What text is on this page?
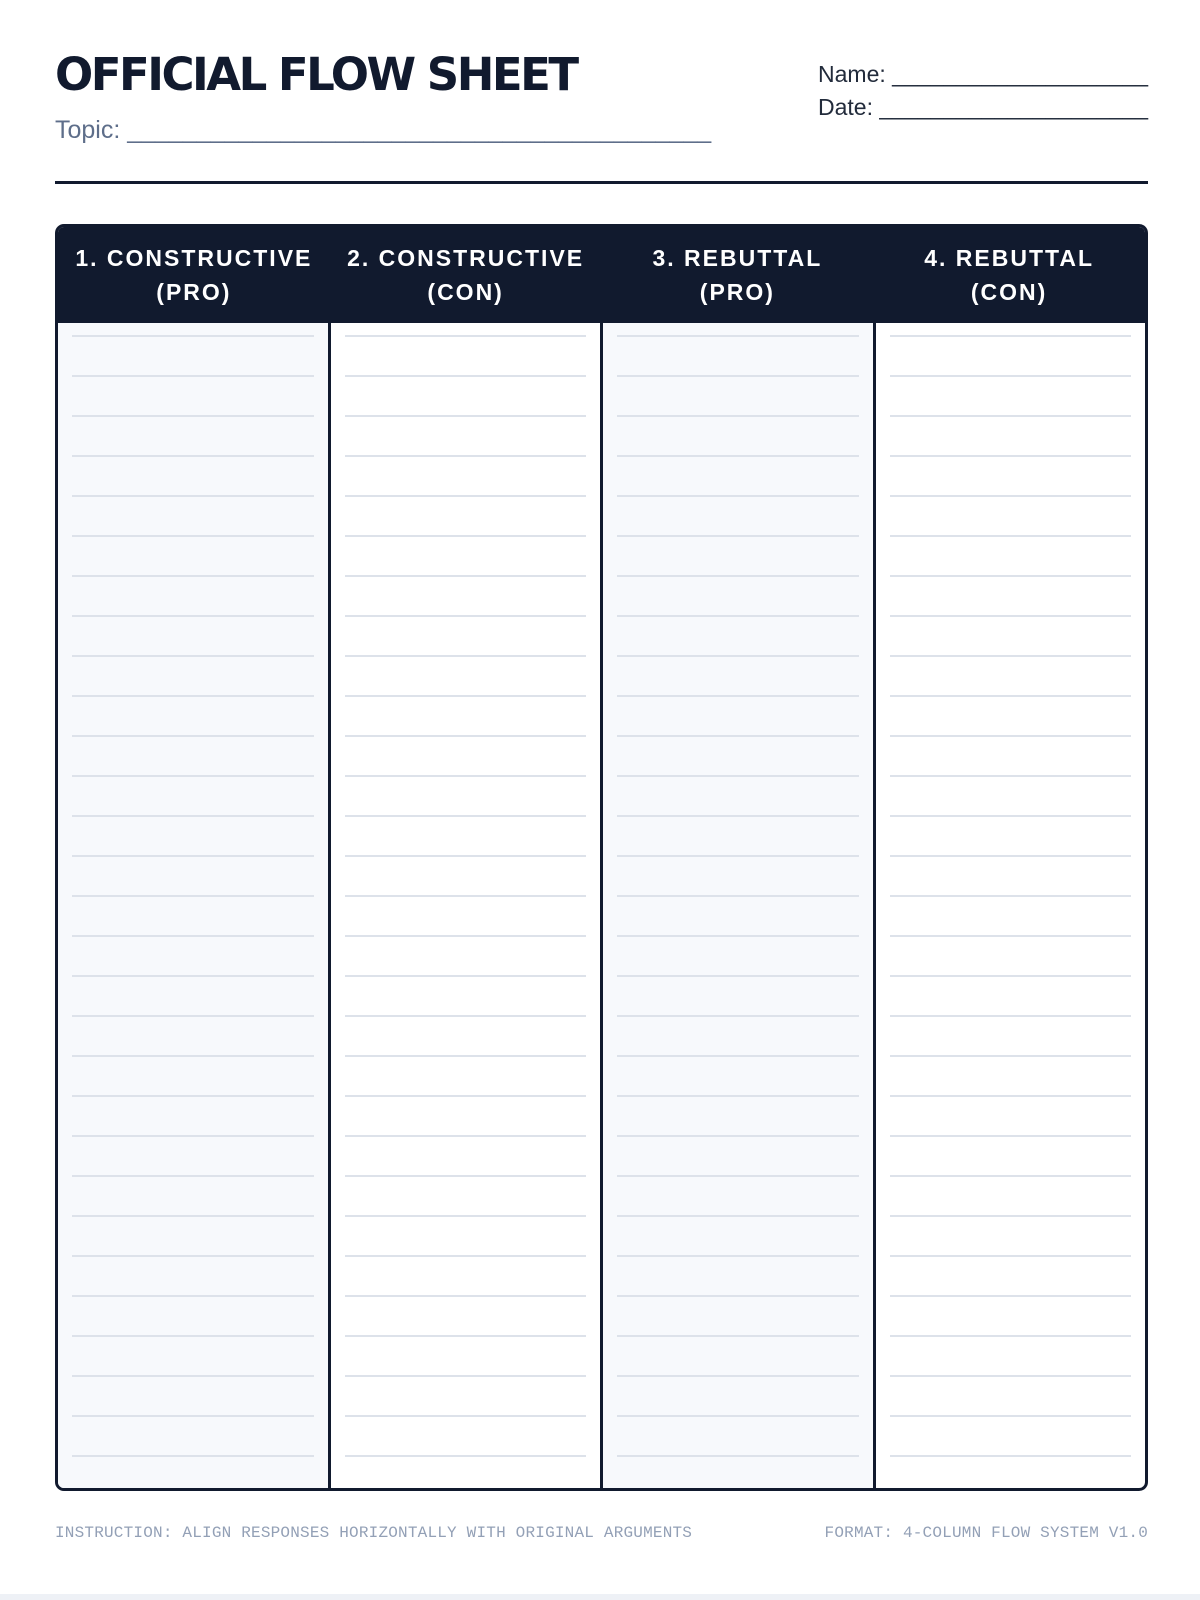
OFFICIAL FLOW SHEET
Topic: __________________________________________
Name: ____________________
Date: _____________________
1. CONSTRUCTIVE
(PRO)
2. CONSTRUCTIVE
(CON)
3. REBUTTAL
(PRO)
4. REBUTTAL
(CON)
INSTRUCTION: ALIGN RESPONSES HORIZONTALLY WITH ORIGINAL ARGUMENTS	FORMAT: 4-COLUMN FLOW SYSTEM V1.0
